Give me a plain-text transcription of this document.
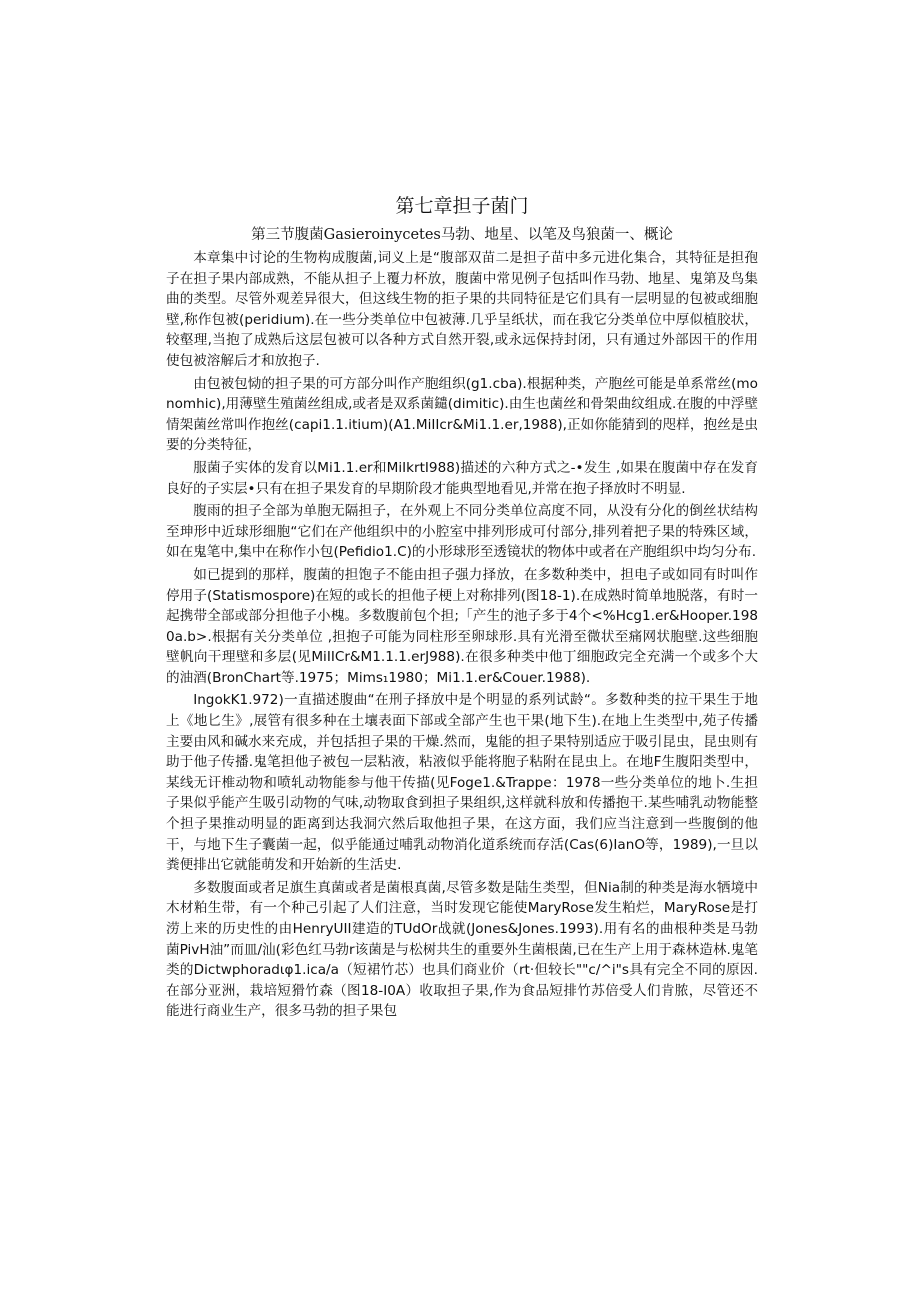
第七章担子菌门
第三节腹菌Gasieroinycetes马勃、地星、以笔及鸟狼菌一、概论

本章集中讨论的生物构成腹菌,词义上是“腹部双苗二是担子苗中多元进化集合，其特征是担孢子在担子果内部成熟，不能从担子上覆力杯放，腹菌中常见例子包括叫作马勃、地星、鬼第及鸟集曲的类型。尽管外观差异很大，但这线生物的拒子果的共同特征是它们具有一层明显的包被或细胞壁,称作包被(peridium).在一些分类单位中包被薄.几乎呈纸状，而在我它分类单位中厚似植胶状，较壑理,当抱了成熟后这层包被可以各种方式自然开裂,或永远保持封闭，只有通过外部因干的作用使包被溶解后才和放抱子.

由包被包恸的担子果的可方部分叫作产胞组织(g1.cba).根据种类，产胞丝可能是单系常丝(monomhic),用薄壁生殖菌丝组成,或者是双系菌鑓(dimitic).由生也菌丝和骨架曲纹组成.在腹的中浮壁情架菌丝常叫作抱丝(capi1.1.itium)(A1.MiIIcr&Mi1.1.er,1988),正如你能猜到的咫样，抱丝是虫要的分类特征，

服菌子实体的发育以Mi1.1.er和MiIkrtI988)描述的六种方式之-•发生 ,如果在腹菌中存在发育良好的子实层•只有在担子果发育的早期阶段才能典型地看见,并常在抱子择放时不明显.

腹雨的担子全部为单胞无隔担子，在外观上不同分类单位高度不同，从没有分化的倒丝状结构至珅形中近球形细胞“它们在产他组织中的小腔室中排列形成可付部分,排列着把子果的特殊区域，如在鬼笔中,集中在称作小包(Pefidio1.C)的小形球形至透镜状的物体中或者在产胞组织中均匀分布.

如已提到的那样，腹菌的担饱子不能由担子强力择放，在多数种类中，担电子或如同有时叫作停用子(Statismospore)在短的或长的担他子梗上对称排列(图18-1).在成熟时简单地脱落，有时一起携带全部或部分担他子小槐。多数腹前包个担;「产生的池子多于4个<%Hcg1.er&Hooper.1980a.b>.根据有关分类单位 ,担抱子可能为同柱形至卵球形.具有光滑至微状至痛网状胞壁.这些细胞壁帆向干理壁和多层(见MiIICr&M1.1.1.erJ988).在很多种类中他丁细胞政完全充满一个或多个大的油酒(BronChart等.1975；Mims₁1980；Mi1.1.er&Couer.1988).

IngokK1.972)一直描述腹曲“在刑子择放中是个明显的系列试龄“。多数种类的拉干果生于地上《地匕生》,展管有很多种在土壤表面下部或全部产生也干果(地下生).在地上生类型中,苑子传播主要由风和碱水来充成，并包括担子果的干燥.然而，鬼能的担子果特别适应于吸引昆虫，昆虫则有助于他子传播.鬼笔担他子被包一层粘液，粘液似乎能将胞子粘附在昆虫上。在地F生腹阳类型中，某线无讦椎动物和喷轧动物能参与他干传描(见Foge1.&Trappe：1978一些分类单位的地卜.生担子果似乎能产生吸引动物的气味,动物取食到担子果组织,这样就科放和传播抱干.某些哺乳动物能整个担子果推动明显的距离到达我洞穴然后取他担子果，在这方面，我们应当注意到一些腹倒的他干，与地下生子囊菌一起，似乎能通过哺乳动物消化道系统而存活(Cas(6)IanO等，1989),一旦以粪便排出它就能萌发和开始新的生活史.

多数腹面或者足旗生真菌或者是菌根真菌,尽管多数是陆生类型，但Nia制的种类是海水牺境中木材粕生带，有一个种己引起了人们注意，当时发现它能使MaryRose发生粕烂，MaryRose是打涝上来的历史性的由HenryUII建造的TUdOr战就(Jones&Jones.1993).用有名的曲根种类是马勃菌PivH油”而皿/汕(彩色红马勃r该菌是与松树共生的重要外生菌根菌,已在生产上用于森林造林.鬼笔类的Dictwphoradιφ1.ica/a（短裙竹芯）也具们商业价（rt·但较长""c/^i"s具有完全不同的原因.在部分亚洲，栽培短猾竹森（图18-I0A）收取担子果,作为食品短排竹苏倍受人们肯脓，尽管还不能进行商业生产，很多马勃的担子果包
